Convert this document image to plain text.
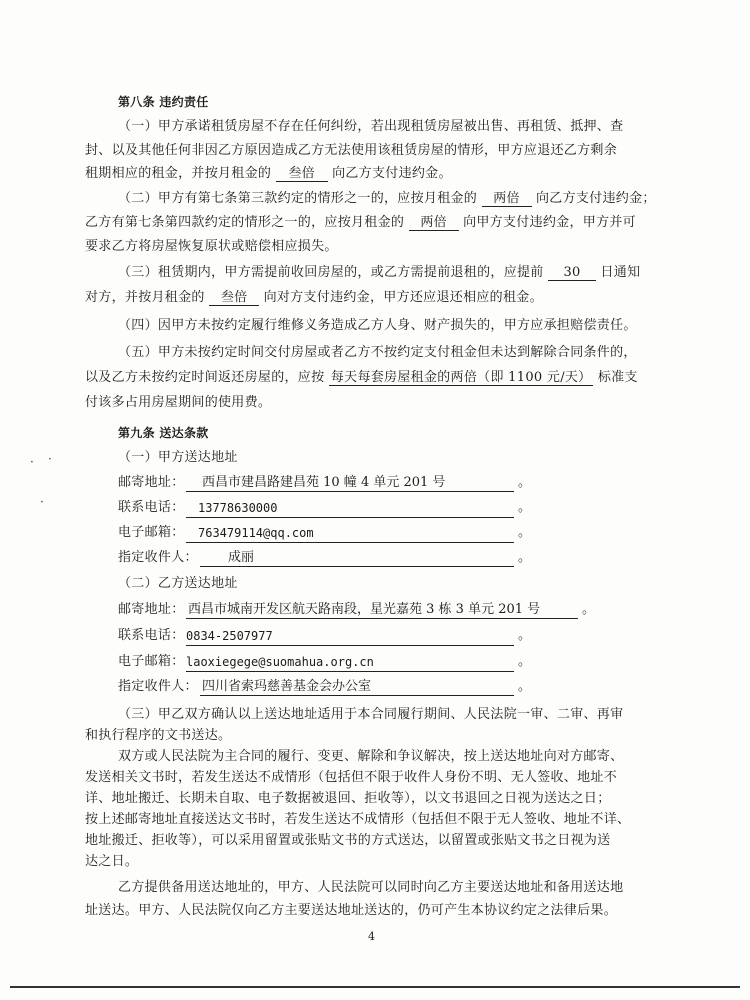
第八条 违约责任
（一）甲方承诺租赁房屋不存在任何纠纷，若出现租赁房屋被出售、再租赁、抵押、查
封、以及其他任何非因乙方原因造成乙方无法使用该租赁房屋的情形，甲方应退还乙方剩余
租期相应的租金，并按月租金的 叁倍 向乙方支付违约金。
（二）甲方有第七条第三款约定的情形之一的，应按月租金的 两倍 向乙方支付违约金；
乙方有第七条第四款约定的情形之一的，应按月租金的 两倍 向甲方支付违约金，甲方并可
要求乙方将房屋恢复原状或赔偿相应损失。
（三）租赁期内，甲方需提前收回房屋的，或乙方需提前退租的，应提前 30 日通知
对方，并按月租金的 叁倍 向对方支付违约金，甲方还应退还相应的租金。
（四）因甲方未按约定履行维修义务造成乙方人身、财产损失的，甲方应承担赔偿责任。
（五）甲方未按约定时间交付房屋或者乙方不按约定支付租金但未达到解除合同条件的，
以及乙方未按约定时间返还房屋的，应按 每天每套房屋租金的两倍（即 1100 元/天） 标准支
付该多占用房屋期间的使用费。
第九条 送达条款
（一）甲方送达地址
邮寄地址：	西昌市建昌路建昌苑 10 幢 4 单元 201 号	。
联系电话：	13778630000	。
电子邮箱：	763479114@qq.com	。
指定收件人：	成丽	。
（二）乙方送达地址
邮寄地址： 西昌市城南开发区航天路南段，星光嘉苑 3 栋 3 单元 201 号	。
联系电话： 0834-2507977	。
电子邮箱： laoxiegege@suomahua.org.cn	。
指定收件人： 四川省索玛慈善基金会办公室	。
（三）甲乙双方确认以上送达地址适用于本合同履行期间、人民法院一审、二审、再审
和执行程序的文书送达。
双方或人民法院为主合同的履行、变更、解除和争议解决，按上送达地址向对方邮寄、
发送相关文书时，若发生送达不成情形（包括但不限于收件人身份不明、无人签收、地址不
详、地址搬迁、长期未自取、电子数据被退回、拒收等），以文书退回之日视为送达之日；
按上述邮寄地址直接送达文书时，若发生送达不成情形（包括但不限于无人签收、地址不详、
地址搬迁、拒收等），可以采用留置或张贴文书的方式送达，以留置或张贴文书之日视为送
达之日。
乙方提供备用送达地址的，甲方、人民法院可以同时向乙方主要送达地址和备用送达地
址送达。甲方、人民法院仅向乙方主要送达地址送达的，仍可产生本协议约定之法律后果。
4
· ·
·
